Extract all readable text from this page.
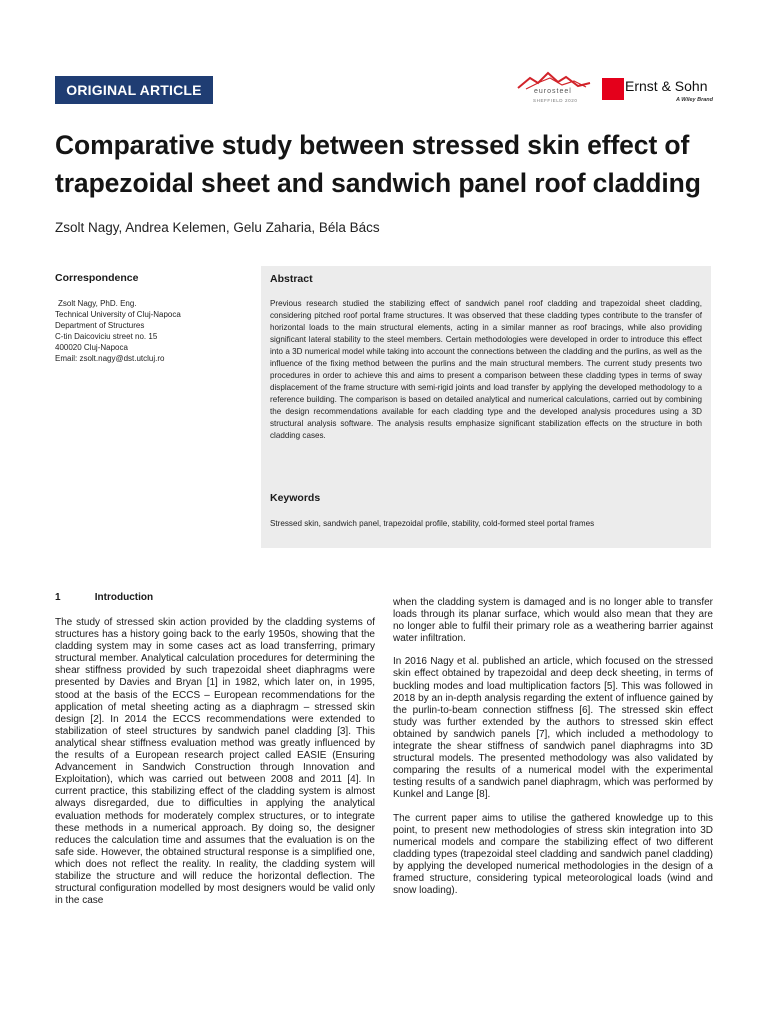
ORIGINAL ARTICLE	eurosteel
SHEFFIELD 2020
Ernst & Sohn
A Wiley Brand
Comparative study between stressed skin effect of trapezoidal sheet and sandwich panel roof cladding
Zsolt Nagy, Andrea Kelemen, Gelu Zaharia, Béla Bács
Correspondence
Zsolt Nagy, PhD. Eng.
Technical University of Cluj-Napoca
Department of Structures
C-tin Daicoviciu street no. 15
400020 Cluj-Napoca
Email: zsolt.nagy@dst.utcluj.ro
Abstract

Previous research studied the stabilizing effect of sandwich panel roof cladding and trapezoidal sheet cladding, considering pitched roof portal frame structures. It was observed that these cladding types contribute to the transfer of horizontal loads to the main structural elements, acting in a similar manner as roof bracings, while also providing significant lateral stability to the steel members. Certain methodologies were developed in order to introduce this effect into a 3D numerical model while taking into account the connections between the cladding and the purlins, as well as the influence of the fixing method between the purlins and the main structural members. The current study presents two procedures in order to achieve this and aims to present a comparison between these cladding types in terms of sway displacement of the frame structure with semi-rigid joints and load transfer by applying the developed methodology to a reference building. The comparison is based on detailed analytical and numerical calculations, carried out by combining the design recommendations available for each cladding type and the developed analysis procedures using a 3D structural analysis software. The analysis results emphasize significant stabilization effects on the structure in both cladding cases.

Keywords
Stressed skin, sandwich panel, trapezoidal profile, stability, cold-formed steel portal frames
1	Introduction

The study of stressed skin action provided by the cladding systems of structures has a history going back to the early 1950s, showing that the cladding system may in some cases act as load transferring, primary structural member. Analytical calculation procedures for determining the shear stiffness provided by such trapezoidal sheet diaphragms were presented by Davies and Bryan [1] in 1982, which later on, in 1995, stood at the basis of the ECCS – European recommendations for the application of metal sheeting acting as a diaphragm – stressed skin design [2]. In 2014 the ECCS recommendations were extended to stabilization of steel structures by sandwich panel cladding [3]. This analytical shear stiffness evaluation method was greatly influenced by the results of a European research project called EASIE (Ensuring Advancement in Sandwich Construction through Innovation and Exploitation), which was carried out between 2008 and 2011 [4]. In current practice, this stabilizing effect of the cladding system is almost always disregarded, due to difficulties in applying the analytical evaluation methods for moderately complex structures, or to integrate these methods in a numerical approach. By doing so, the designer reduces the calculation time and assumes that the evaluation is on the safe side. However, the obtained structural response is a simplified one, which does not reflect the reality. In reality, the cladding system will stabilize the structure and will reduce the horizontal deflection. The structural configuration modelled by most designers would be valid only in the case

when the cladding system is damaged and is no longer able to transfer loads through its planar surface, which would also mean that they are no longer able to fulfil their primary role as a weathering barrier against water infiltration.

In 2016 Nagy et al. published an article, which focused on the stressed skin effect obtained by trapezoidal and deep deck sheeting, in terms of buckling modes and load multiplication factors [5]. This was followed in 2018 by an in-depth analysis regarding the extent of influence gained by the purlin-to-beam connection stiffness [6]. The stressed skin effect study was further extended by the authors to stressed skin effect obtained by sandwich panels [7], which included a methodology to integrate the shear stiffness of sandwich panel diaphragms into 3D structural models. The presented methodology was also validated by comparing the results of a numerical model with the experimental testing results of a sandwich panel diaphragm, which was performed by Kunkel and Lange [8].

The current paper aims to utilise the gathered knowledge up to this point, to present new methodologies of stress skin integration into 3D numerical models and compare the stabilizing effect of two different cladding types (trapezoidal steel cladding and sandwich panel cladding) by applying the developed numerical methodologies in the design of a framed structure, considering typical meteorological loads (wind and snow loading).
